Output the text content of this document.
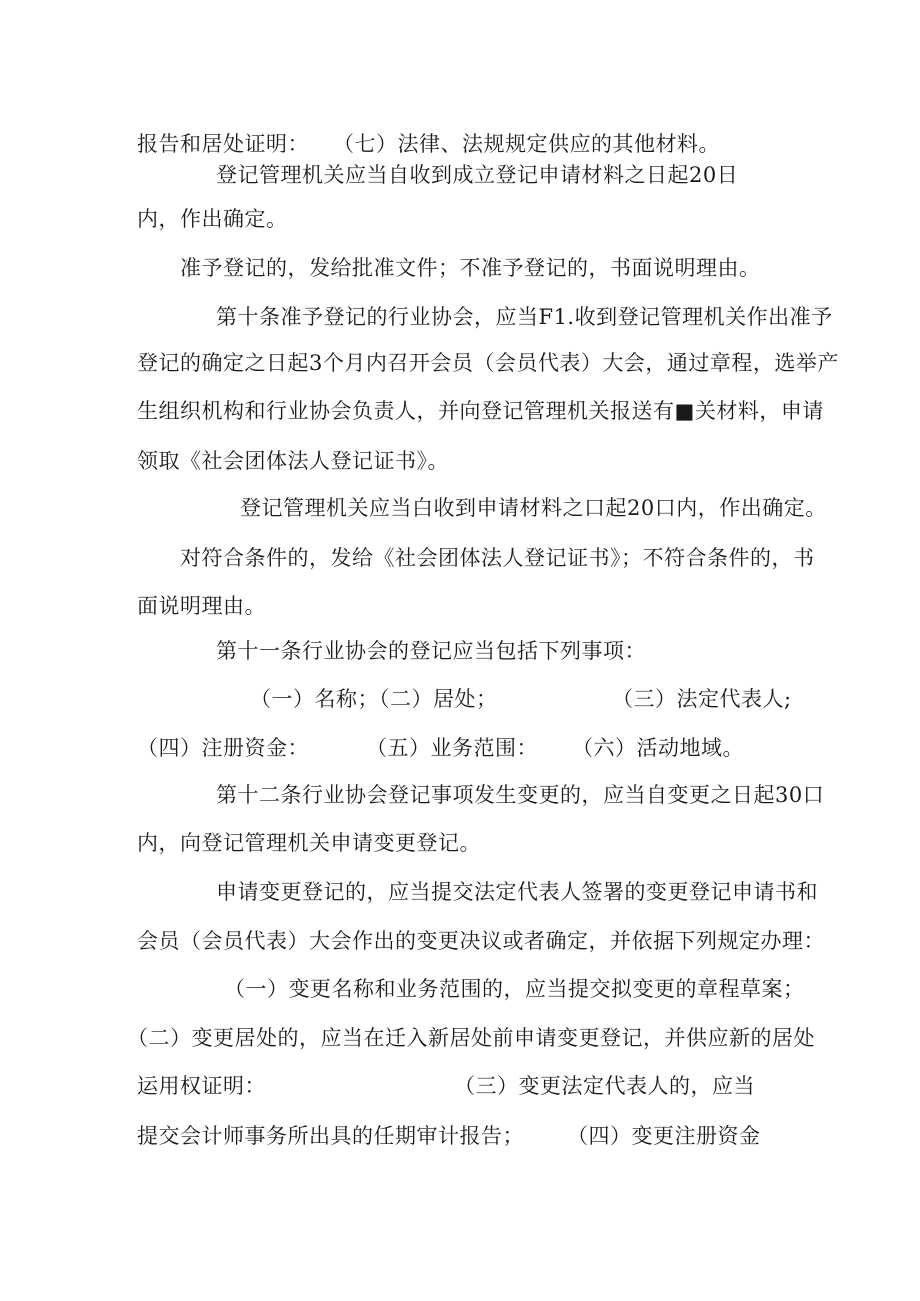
报告和居处证明： （七）法律、法规规定供应的其他材料。
登记管理机关应当自收到成立登记申请材料之日起20日
内，作出确定。
准予登记的，发给批准文件；不准予登记的，书面说明理由。
第十条准予登记的行业协会，应当F1.收到登记管理机关作出准予
登记的确定之日起3个月内召开会员（会员代表）大会，通过章程，选举产
生组织机构和行业协会负责人，并向登记管理机关报送有■关材料，申请
领取《社会团体法人登记证书》。
登记管理机关应当白收到申请材料之口起20口内，作出确定。
对符合条件的，发给《社会团体法人登记证书》；不符合条件的，书
面说明理由。
第十一条行业协会的登记应当包括下列事项：
（一）名称；（二）居处；	（三）法定代表人;
（四）注册资金：	（五）业务范围： （六）活动地域。
第十二条行业协会登记事项发生变更的，应当自变更之日起30口
内，向登记管理机关申请变更登记。
申请变更登记的，应当提交法定代表人签署的变更登记申请书和
会员（会员代表）大会作出的变更决议或者确定，并依据下列规定办理：
（一）变更名称和业务范围的，应当提交拟变更的章程草案；
（二）变更居处的，应当在迁入新居处前申请变更登记，并供应新的居处
运用权证明：	（三）变更法定代表人的，应当
提交会计师事务所出具的任期审计报告； （四）变更注册资金
